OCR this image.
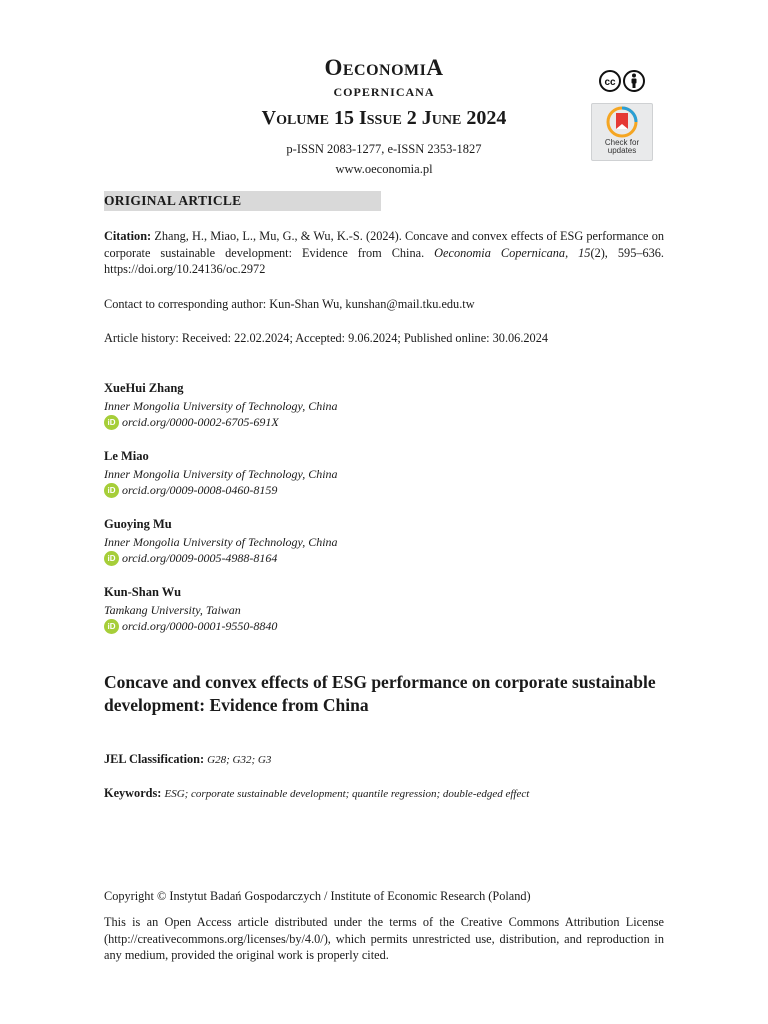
OeconomiA
copernicana
Volume 15 Issue 2 June 2024
p-ISSN 2083-1277, e-ISSN 2353-1827
www.oeconomia.pl
cc
Check for updates
ORIGINAL ARTICLE
Citation: Zhang, H., Miao, L., Mu, G., & Wu, K.-S. (2024). Concave and convex effects of ESG performance on corporate sustainable development: Evidence from China. Oeconomia Copernicana, 15(2), 595–636. https://doi.org/10.24136/oc.2972
Contact to corresponding author: Kun-Shan Wu, kunshan@mail.tku.edu.tw
Article history: Received: 22.02.2024; Accepted: 9.06.2024; Published online: 30.06.2024
XueHui Zhang
Inner Mongolia University of Technology, China
iD orcid.org/0000-0002-6705-691X
Le Miao
Inner Mongolia University of Technology, China
iD orcid.org/0009-0008-0460-8159
Guoying Mu
Inner Mongolia University of Technology, China
iD orcid.org/0009-0005-4988-8164
Kun-Shan Wu
Tamkang University, Taiwan
iD orcid.org/0000-0001-9550-8840
Concave and convex effects of ESG performance on corporate sustainable development: Evidence from China
JEL Classification: G28; G32; G3
Keywords: ESG; corporate sustainable development; quantile regression; double-edged effect
Copyright © Instytut Badań Gospodarczych / Institute of Economic Research (Poland)
This is an Open Access article distributed under the terms of the Creative Commons Attribution License (http://creativecommons.org/licenses/by/4.0/), which permits unrestricted use, distribution, and reproduction in any medium, provided the original work is properly cited.
